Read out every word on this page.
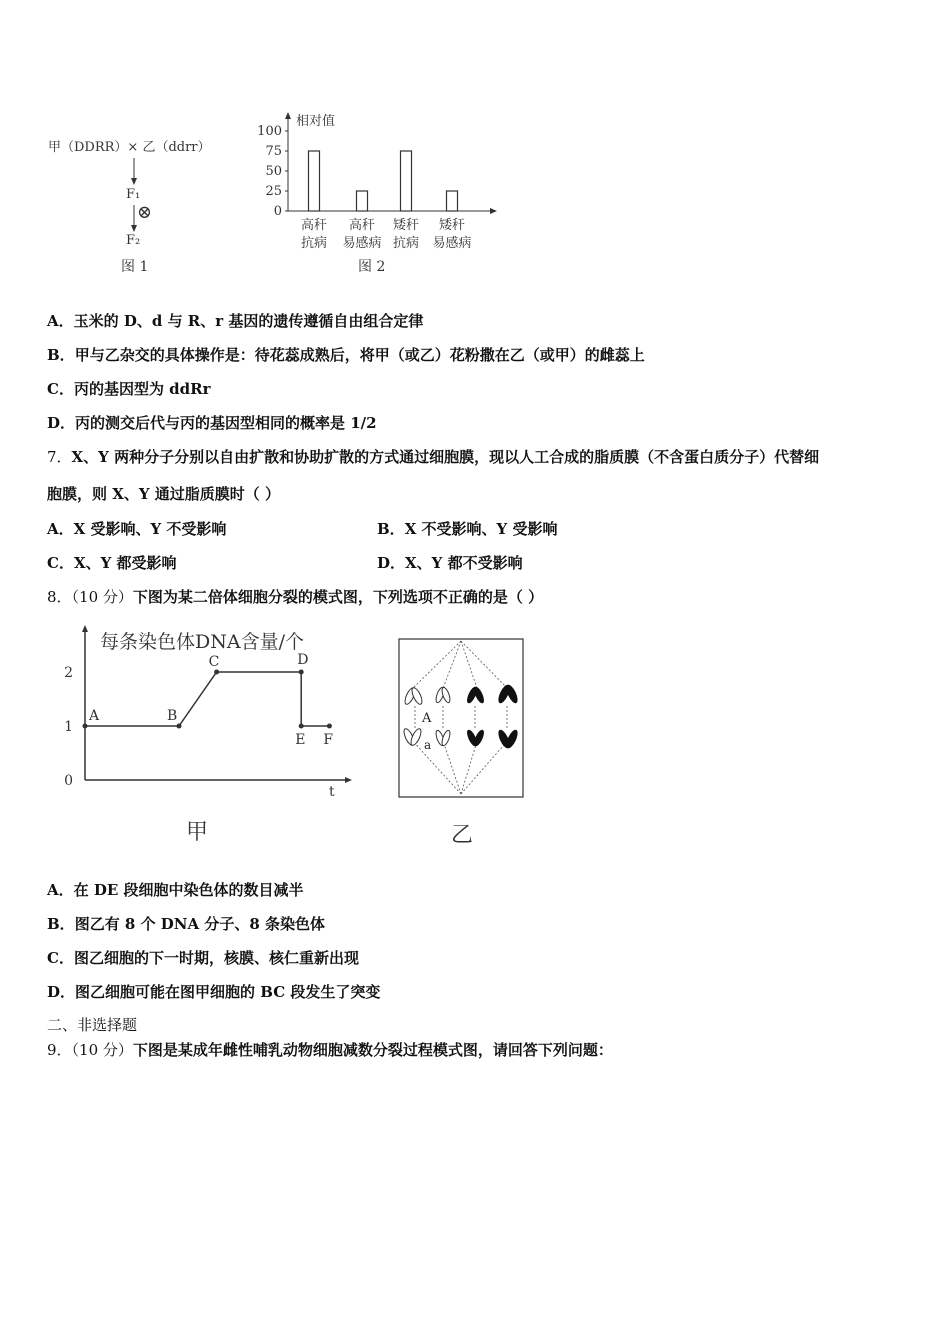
甲（DDRR）× 乙（ddrr）
F₁
⊗
F₂
图 1
相对值
0
25
50
75
100
高秆
抗病
高秆
易感病
矮秆
抗病
矮秆
易感病
图 2
A．玉米的 D、d 与 R、r 基因的遗传遵循自由组合定律
B．甲与乙杂交的具体操作是：待花蕊成熟后，将甲（或乙）花粉撒在乙（或甲）的雌蕊上
C．丙的基因型为 ddRr
D．丙的测交后代与丙的基因型相同的概率是 1/2
7．X、Y 两种分子分别以自由扩散和协助扩散的方式通过细胞膜，现以人工合成的脂质膜（不含蛋白质分子）代替细
胞膜，则 X、Y 通过脂质膜时（ ）
A．X 受影响、Y 不受影响	B．X 不受影响、Y 受影响
C．X、Y 都受影响	D．X、Y 都不受影响
8．（10 分）下图为某二倍体细胞分裂的模式图，下列选项不正确的是（ ）
每条染色体DNA含量/个
t
0
1
2
A	B
C	D
E F
甲
A
a
乙
A．在 DE 段细胞中染色体的数目减半
B．图乙有 8 个 DNA 分子、8 条染色体
C．图乙细胞的下一时期，核膜、核仁重新出现
D．图乙细胞可能在图甲细胞的 BC 段发生了突变
二、非选择题
9．（10 分）下图是某成年雌性哺乳动物细胞减数分裂过程模式图，请回答下列问题：
